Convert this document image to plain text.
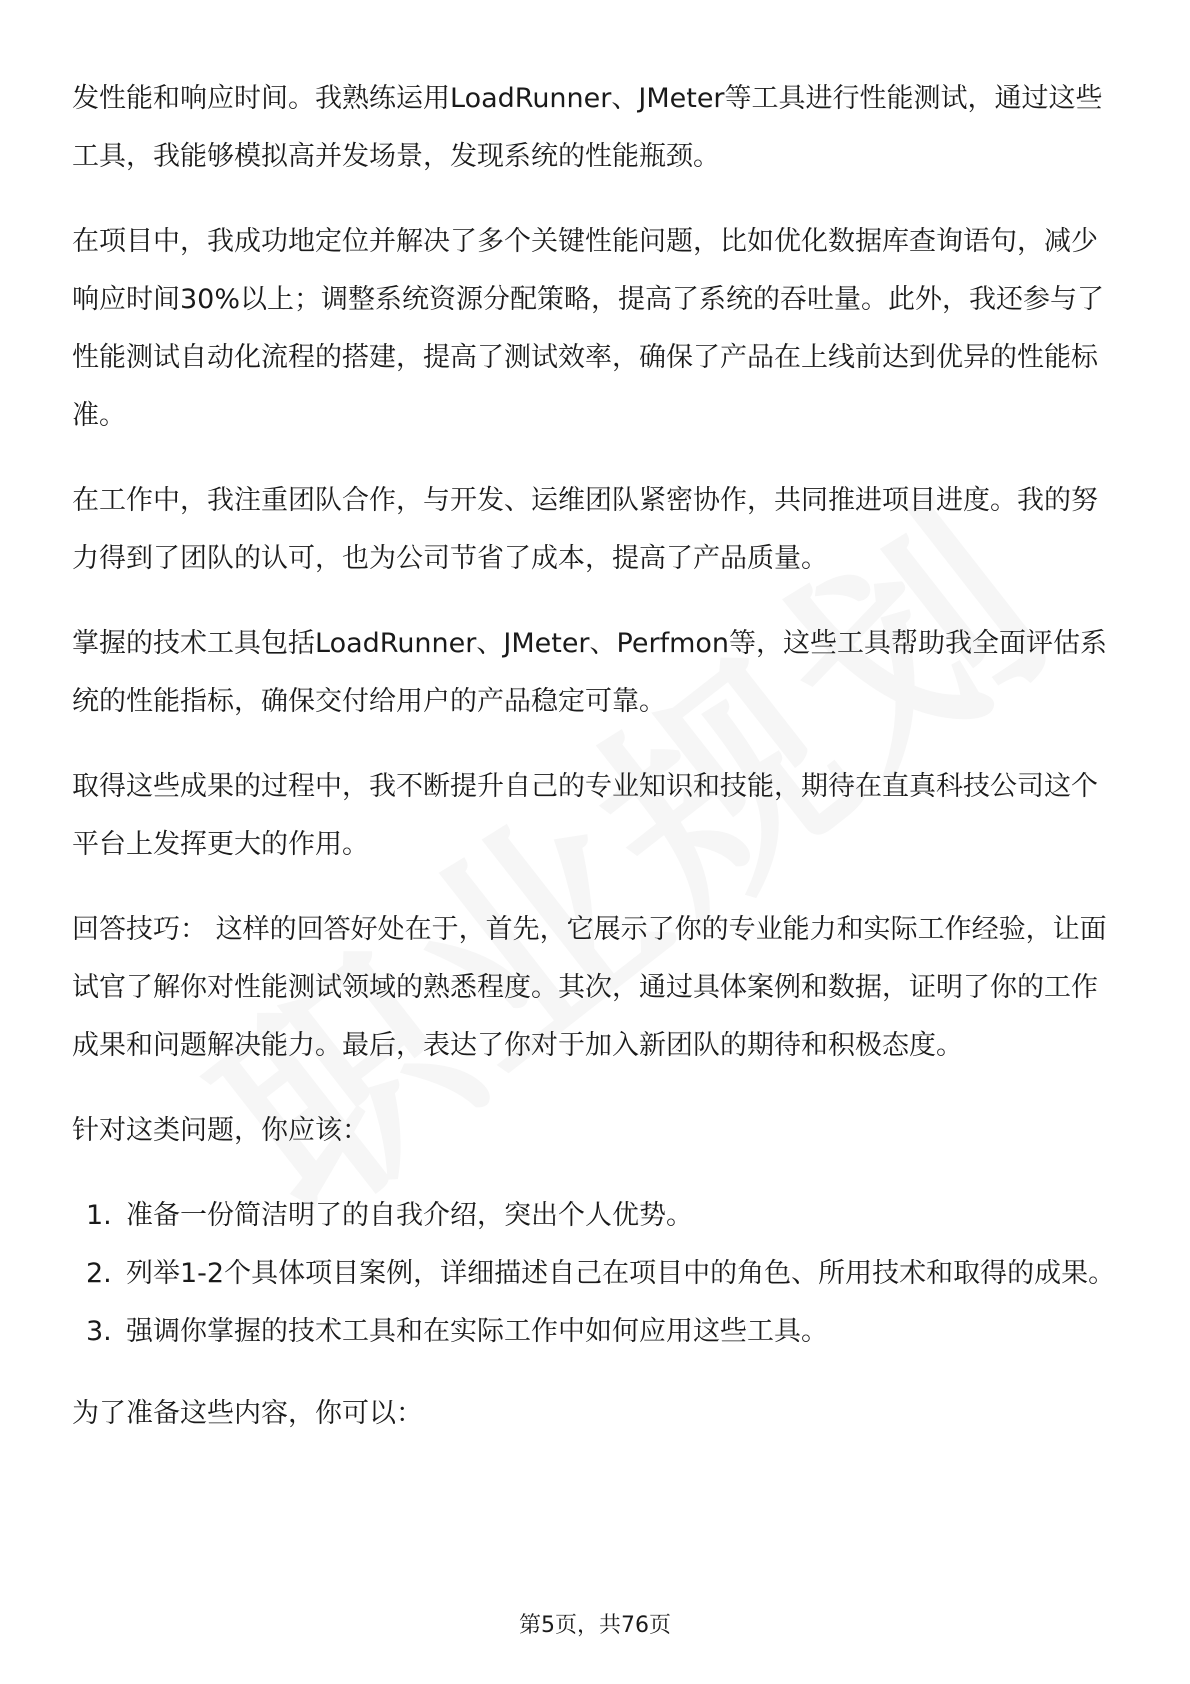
发性能和响应时间。我熟练运用LoadRunner、JMeter等工具进行性能测试，通过这些工具，我能够模拟高并发场景，发现系统的性能瓶颈。

在项目中，我成功地定位并解决了多个关键性能问题，比如优化数据库查询语句，减少响应时间30%以上；调整系统资源分配策略，提高了系统的吞吐量。此外，我还参与了性能测试自动化流程的搭建，提高了测试效率，确保了产品在上线前达到优异的性能标准。

在工作中，我注重团队合作，与开发、运维团队紧密协作，共同推进项目进度。我的努力得到了团队的认可，也为公司节省了成本，提高了产品质量。

掌握的技术工具包括LoadRunner、JMeter、Perfmon等，这些工具帮助我全面评估系统的性能指标，确保交付给用户的产品稳定可靠。

取得这些成果的过程中，我不断提升自己的专业知识和技能，期待在直真科技公司这个平台上发挥更大的作用。

回答技巧： 这样的回答好处在于，首先，它展示了你的专业能力和实际工作经验，让面试官了解你对性能测试领域的熟悉程度。其次，通过具体案例和数据，证明了你的工作成果和问题解决能力。最后，表达了你对于加入新团队的期待和积极态度。

针对这类问题，你应该：

1. 准备一份简洁明了的自我介绍，突出个人优势。
2. 列举1-2个具体项目案例，详细描述自己在项目中的角色、所用技术和取得的成果。
3. 强调你掌握的技术工具和在实际工作中如何应用这些工具。

为了准备这些内容，你可以：

第5页，共76页
